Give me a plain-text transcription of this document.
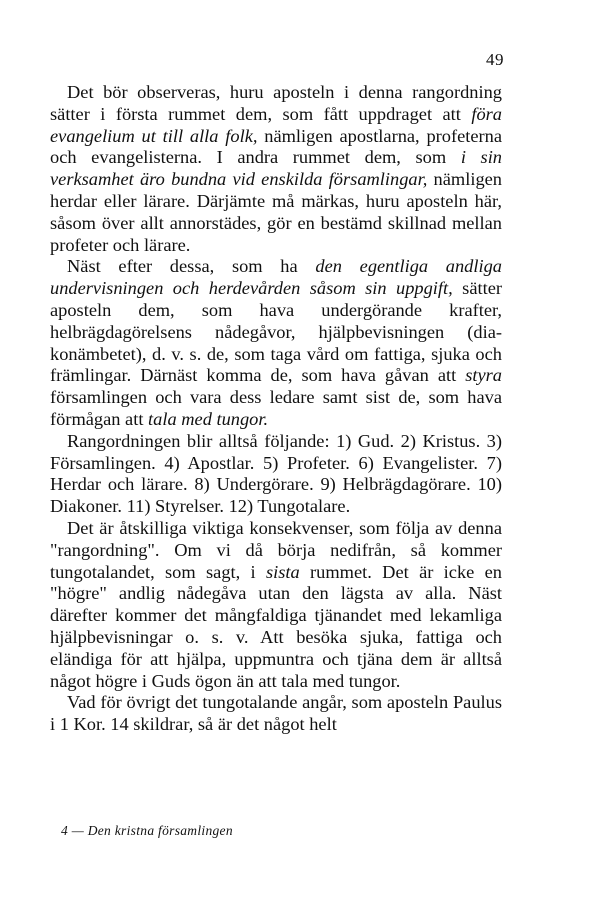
49

Det bör observeras, huru aposteln i denna rangordning sätter i första rummet dem, som fått uppdraget att föra evangelium ut till alla folk, nämligen apostlarna, profeterna och evangelisterna. I andra rummet dem, som i sin verksamhet äro bundna vid enskilda församlingar, nämligen herdar eller lärare. Därjämte må märkas, huru aposteln här, såsom över allt annorstädes, gör en bestämd skillnad mellan profeter och lärare.

Näst efter dessa, som ha den egentliga andliga undervisningen och herdevården såsom sin uppgift, sätter aposteln dem, som hava undergörande krafter, helbrägdagörelsens nådegåvor, hjälpbevisningen (diakonämbetet), d. v. s. de, som taga vård om fattiga, sjuka och främlingar. Därnäst komma de, som hava gåvan att styra församlingen och vara dess ledare samt sist de, som hava förmågan att tala med tungor.

Rangordningen blir alltså följande: 1) Gud. 2) Kristus. 3) Församlingen. 4) Apostlar. 5) Profeter. 6) Evangelister. 7) Herdar och lärare. 8) Undergörare. 9) Helbrägdagörare. 10) Diakoner. 11) Styrelser. 12) Tungotalare.

Det är åtskilliga viktiga konsekvenser, som följa av denna "rangordning". Om vi då börja nedifrån, så kommer tungotalandet, som sagt, i sista rummet. Det är icke en "högre" andlig nådegåva utan den lägsta av alla. Näst därefter kommer det mångfaldiga tjänandet med lekamliga hjälpbevisningar o. s. v. Att besöka sjuka, fattiga och eländiga för att hjälpa, uppmuntra och tjäna dem är alltså något högre i Guds ögon än att tala med tungor.

Vad för övrigt det tungotalande angår, som aposteln Paulus i 1 Kor. 14 skildrar, så är det något helt

4 — Den kristna församlingen
